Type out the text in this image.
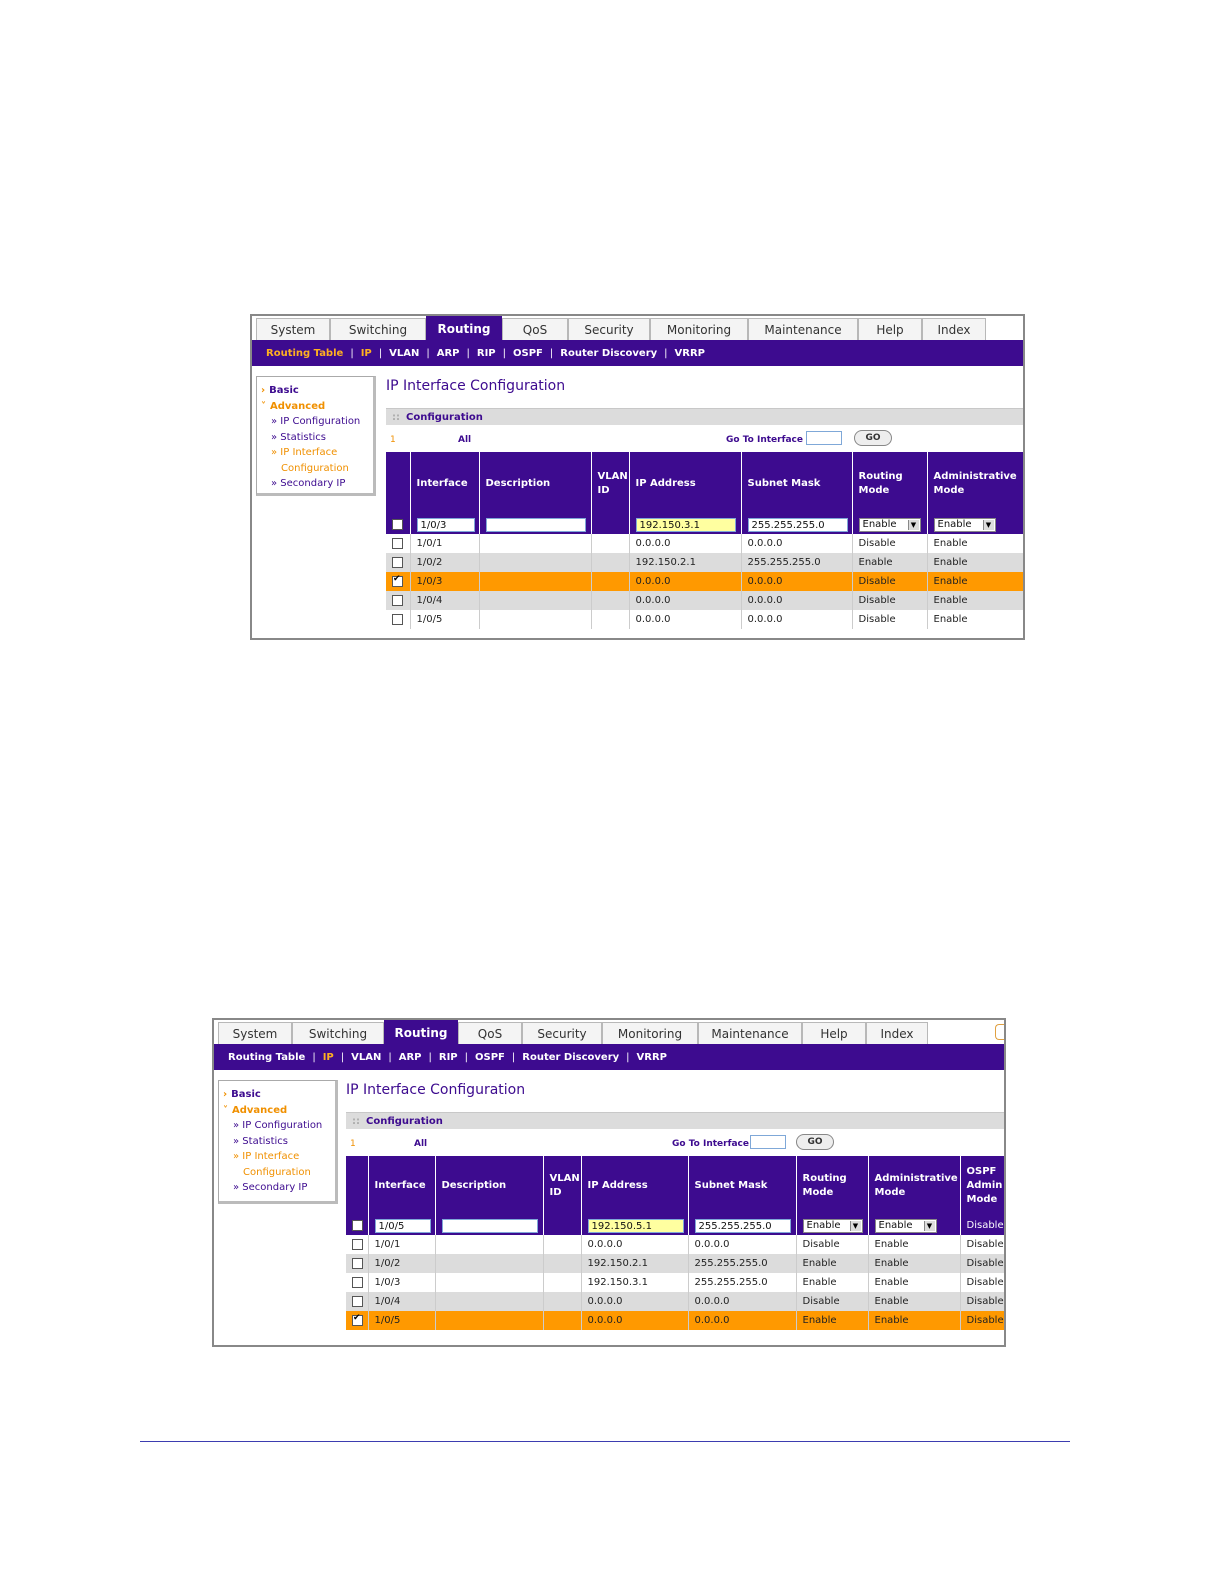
System	Switching	Routing	QoS	Security	Monitoring	Maintenance	Help	Index
Routing Table | IP | VLAN | ARP | RIP | OSPF | Router Discovery | VRRP
› Basic
˅ Advanced
» IP Configuration
» Statistics
» IP Interface
Configuration
» Secondary IP
IP Interface Configuration
:: Configuration
1	All	Go To Interface	GO
	Interface	Description	VLAN ID	IP Address	Subnet Mask	Routing Mode	Administrative Mode
	1/0/3			192.150.3.1	255.255.255.0	Enable ▼	Enable ▼

	1/0/1			0.0.0.0	0.0.0.0	Disable	Enable
	1/0/2			192.150.2.1	255.255.255.0	Enable	Enable
✔	1/0/3			0.0.0.0	0.0.0.0	Disable	Enable
	1/0/4			0.0.0.0	0.0.0.0	Disable	Enable
	1/0/5			0.0.0.0	0.0.0.0	Disable	Enable
System	Switching	Routing	QoS	Security	Monitoring	Maintenance	Help	Index
Routing Table | IP | VLAN | ARP | RIP | OSPF | Router Discovery | VRRP
› Basic
˅ Advanced
» IP Configuration
» Statistics
» IP Interface
Configuration
» Secondary IP
IP Interface Configuration
:: Configuration
1	All	Go To Interface	GO
	Interface	Description	VLAN ID	IP Address	Subnet Mask	Routing Mode	Administrative Mode	OSPF Admin Mode
	1/0/5			192.150.5.1	255.255.255.0	Enable ▼	Enable ▼	Disable
	1/0/1			0.0.0.0	0.0.0.0	Disable	Enable	Disable
	1/0/2			192.150.2.1	255.255.255.0	Enable	Enable	Disable
	1/0/3			192.150.3.1	255.255.255.0	Enable	Enable	Disable
	1/0/4			0.0.0.0	0.0.0.0	Disable	Enable	Disable
✔	1/0/5			0.0.0.0	0.0.0.0	Enable	Enable	Disable
